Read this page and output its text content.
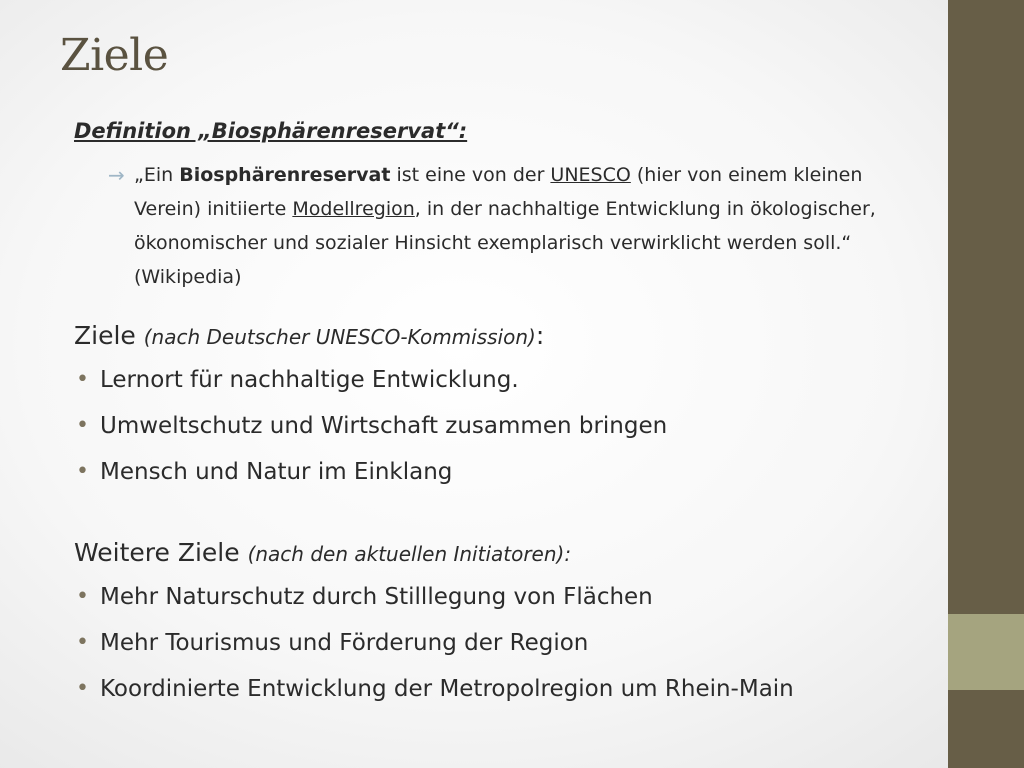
Ziele

Definition „Biosphärenreservat“:

→ „Ein Biosphärenreservat ist eine von der UNESCO (hier von einem kleinen Verein) initiierte Modellregion, in der nachhaltige Entwicklung in ökologischer, ökonomischer und sozialer Hinsicht exemplarisch verwirklicht werden soll.“ (Wikipedia)

Ziele (nach Deutscher UNESCO-Kommission):

• Lernort für nachhaltige Entwicklung.
• Umweltschutz und Wirtschaft zusammen bringen
• Mensch und Natur im Einklang

Weitere Ziele (nach den aktuellen Initiatoren):

• Mehr Naturschutz durch Stilllegung von Flächen
• Mehr Tourismus und Förderung der Region
• Koordinierte Entwicklung der Metropolregion um Rhein-Main
